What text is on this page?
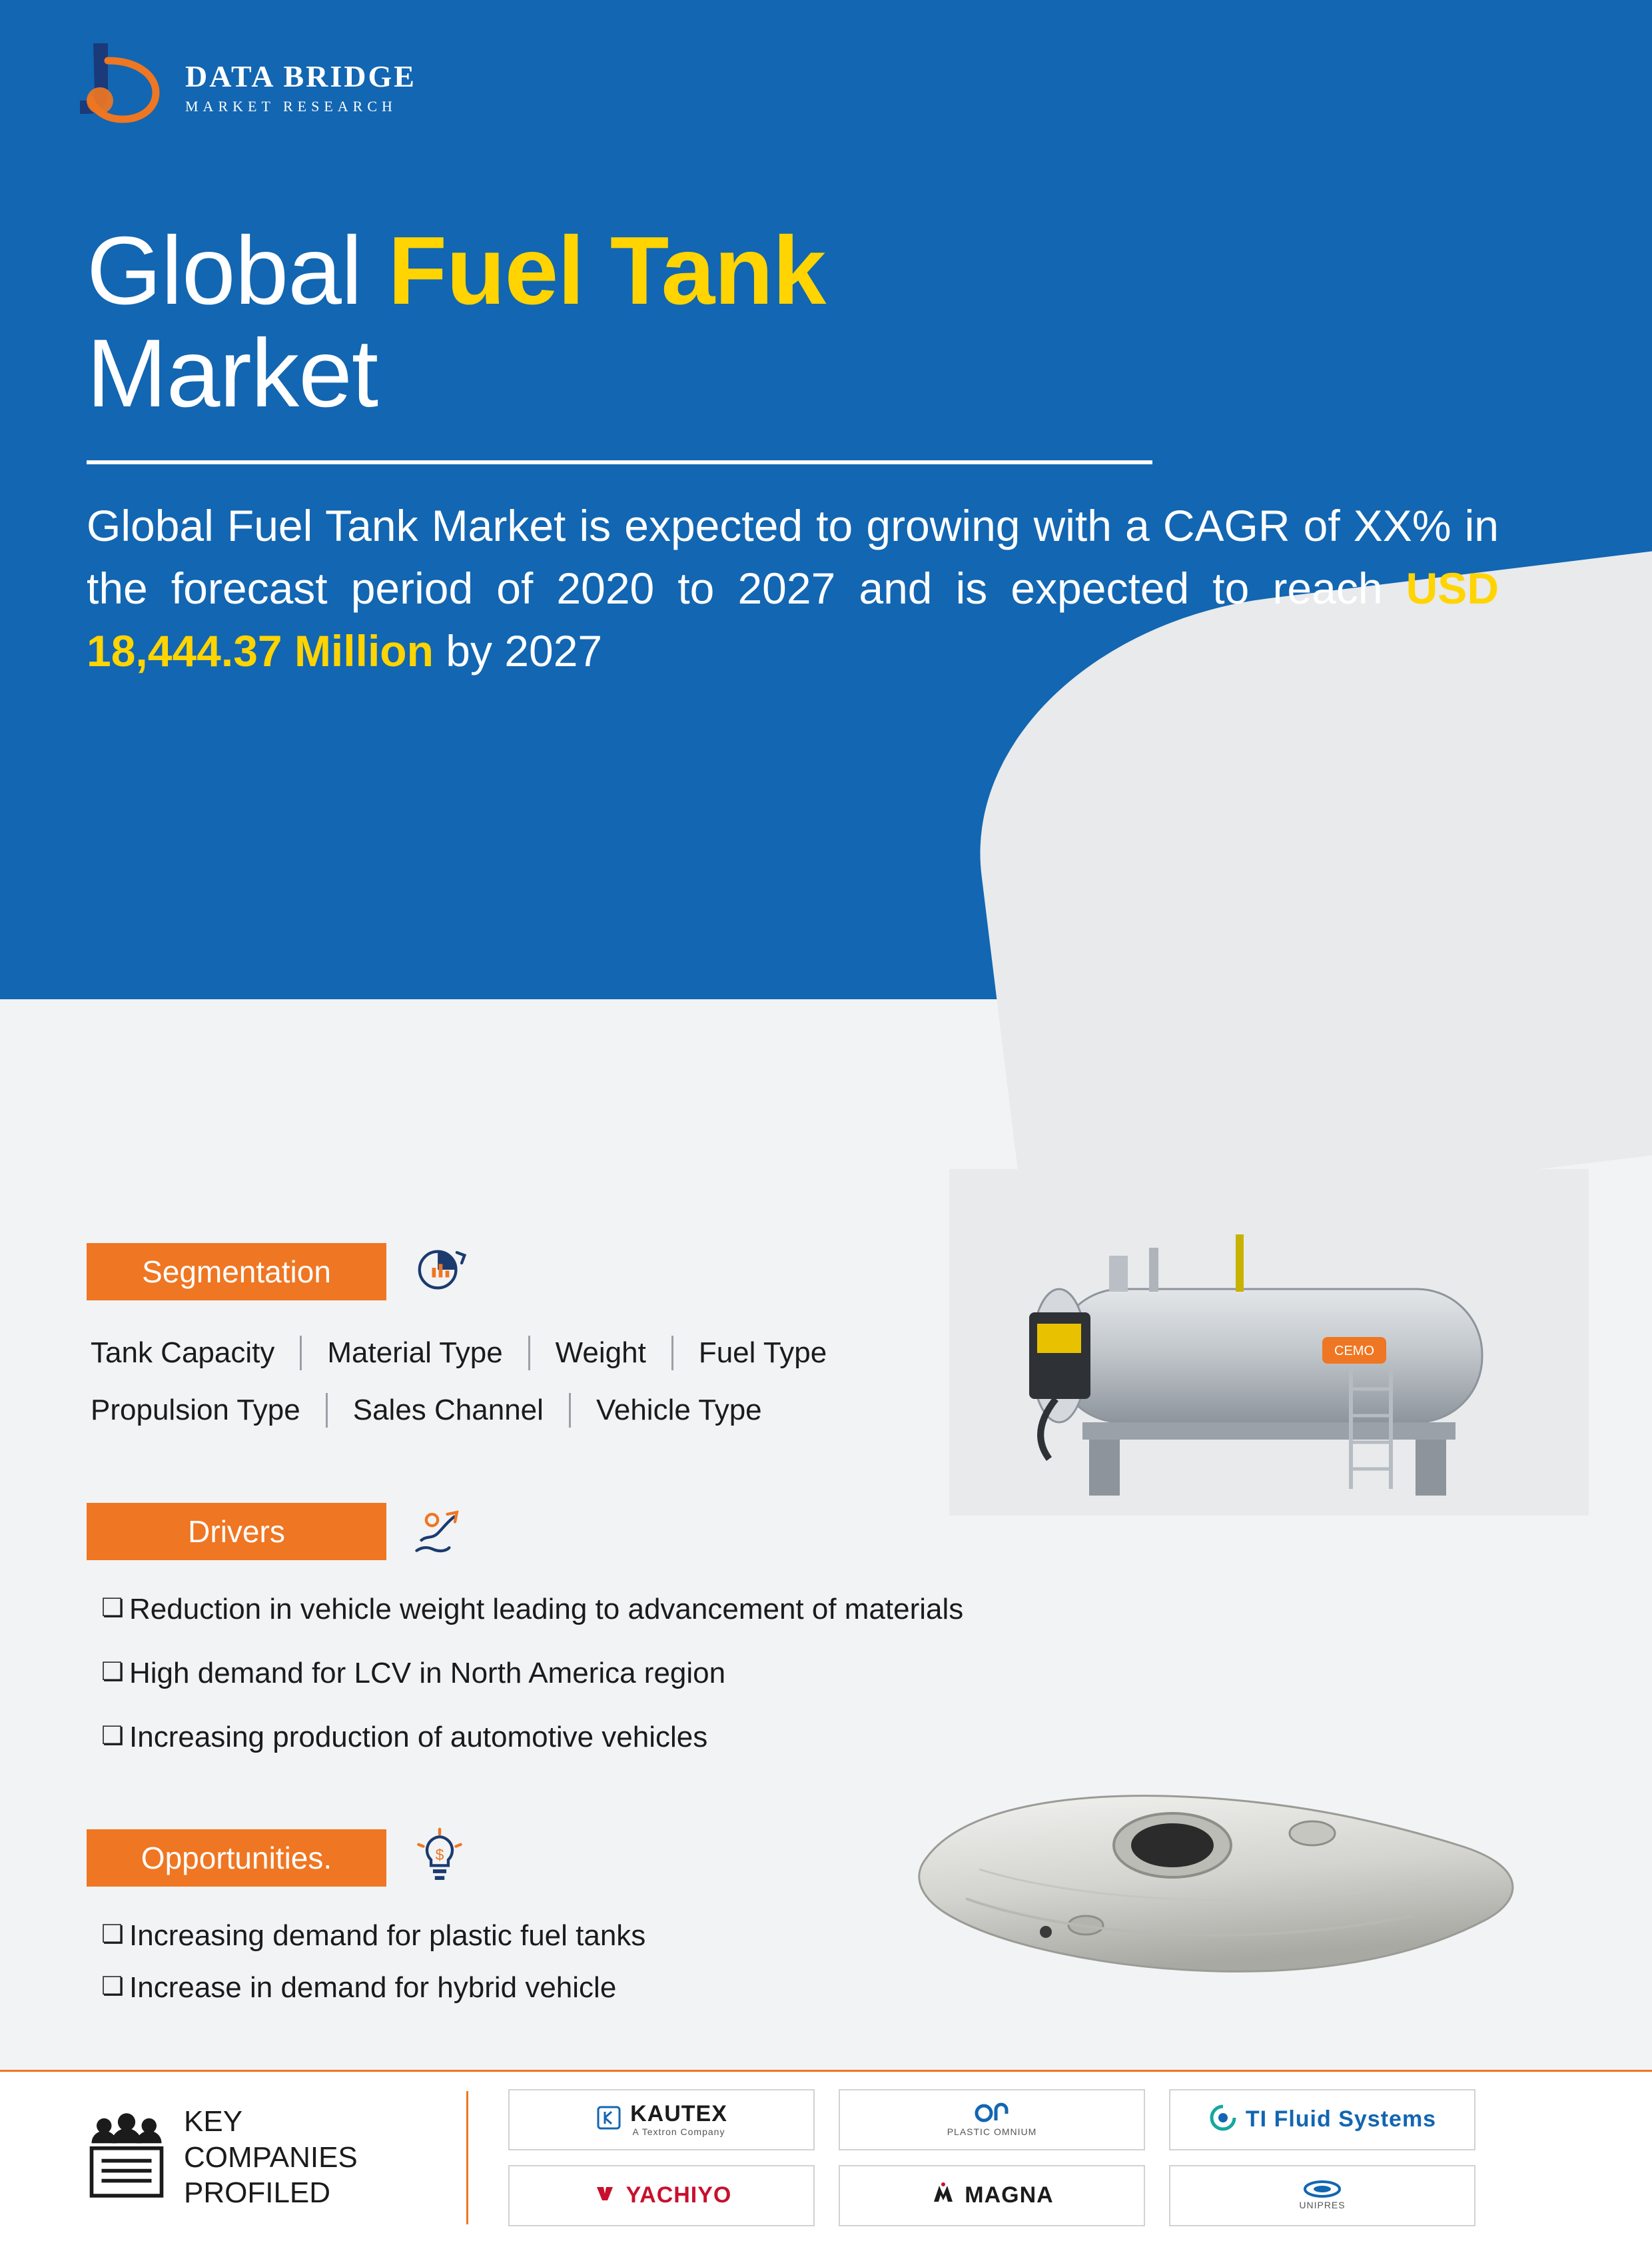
DATA BRIDGE
MARKET RESEARCH
Global Fuel Tank
Market
Global Fuel Tank Market is expected to growing with a CAGR of XX% in the forecast period of 2020 to 2027 and is expected to reach USD 18,444.37 Million by 2027
Segmentation
Tank Capacity	Material Type	Weight	Fuel Type
Propulsion Type	Sales Channel	Vehicle Type
Drivers
❏ Reduction in vehicle weight leading to advancement of materials
❏ High demand for LCV in North America region
❏ Increasing production of automotive vehicles
Opportunities.	$
❏ Increasing demand for plastic fuel tanks
❏ Increase in demand for hybrid vehicle
CEMO
KEY
COMPANIES
PROFILED
KAUTEX
A Textron Company	PLASTIC OMNIUM
TI Fluid Systems
YACHIYO	MAGNA	UNIPRES
